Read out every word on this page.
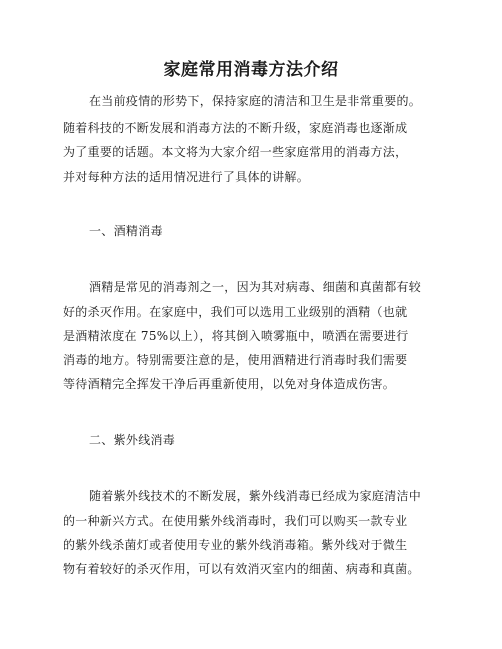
家庭常用消毒方法介绍
在当前疫情的形势下，保持家庭的清洁和卫生是非常重要的。
随着科技的不断发展和消毒方法的不断升级，家庭消毒也逐渐成
为了重要的话题。本文将为大家介绍一些家庭常用的消毒方法，
并对每种方法的适用情况进行了具体的讲解。
一、酒精消毒
酒精是常见的消毒剂之一，因为其对病毒、细菌和真菌都有较
好的杀灭作用。在家庭中，我们可以选用工业级别的酒精（也就
是酒精浓度在 75%以上），将其倒入喷雾瓶中，喷洒在需要进行
消毒的地方。特别需要注意的是，使用酒精进行消毒时我们需要
等待酒精完全挥发干净后再重新使用，以免对身体造成伤害。
二、紫外线消毒
随着紫外线技术的不断发展，紫外线消毒已经成为家庭清洁中
的一种新兴方式。在使用紫外线消毒时，我们可以购买一款专业
的紫外线杀菌灯或者使用专业的紫外线消毒箱。紫外线对于微生
物有着较好的杀灭作用，可以有效消灭室内的细菌、病毒和真菌。
